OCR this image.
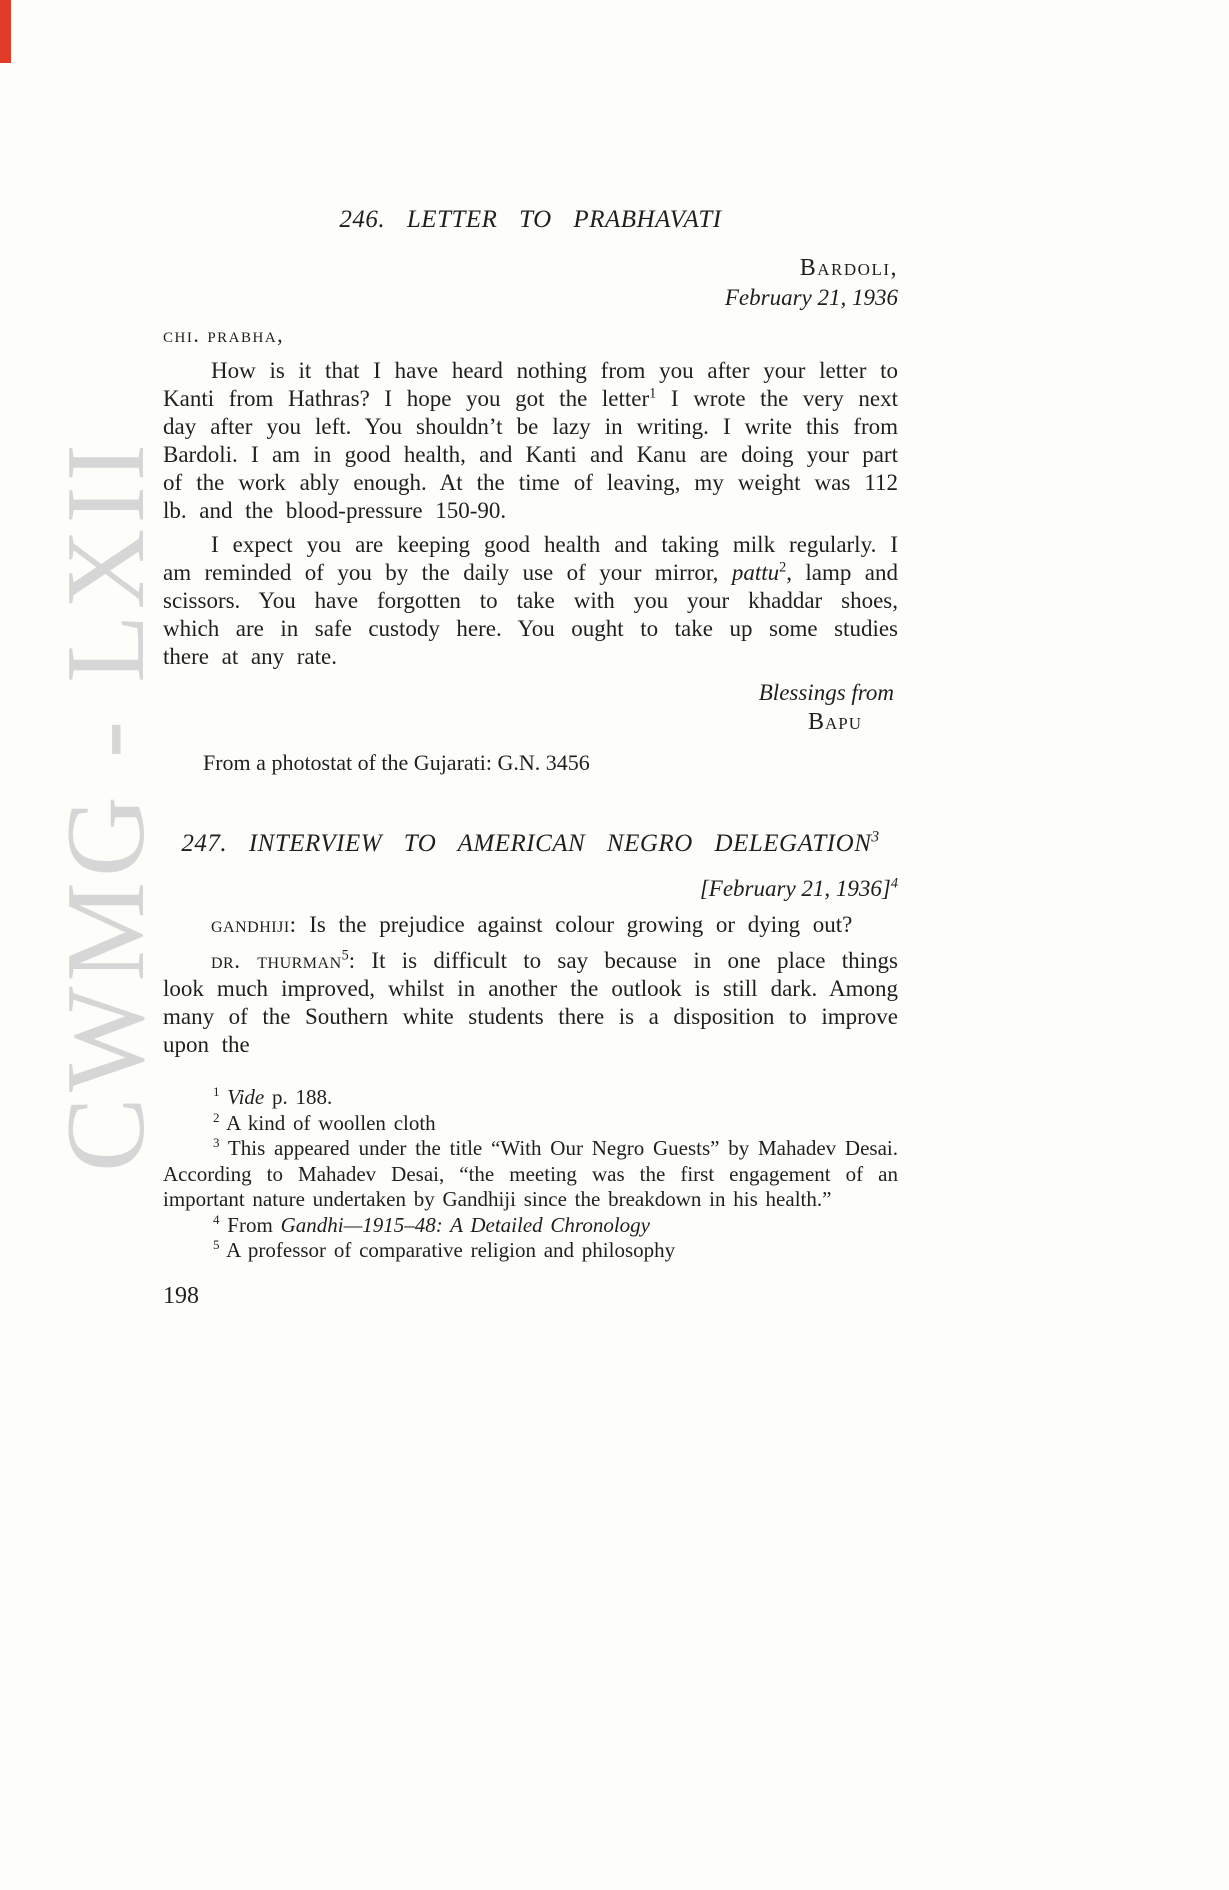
CWMG - LXII
246. LETTER TO PRABHAVATI
Bardoli,
February 21, 1936
chi. prabha,

How is it that I have heard nothing from you after your letter to Kanti from Hathras? I hope you got the letter$^1$ I wrote the very next day after you left. You shouldn’t be lazy in writing. I write this from Bardoli. I am in good health, and Kanti and Kanu are doing your part of the work ably enough. At the time of leaving, my weight was 112 lb. and the blood-pressure 150-90.

I expect you are keeping good health and taking milk regularly. I am reminded of you by the daily use of your mirror, pattu$^2$, lamp and scissors. You have forgotten to take with you your khaddar shoes, which are in safe custody here. You ought to take up some studies there at any rate.

Blessings from
Bapu
From a photostat of the Gujarati: G.N. 3456
247. INTERVIEW TO AMERICAN NEGRO DELEGATION$^3$
[February 21, 1936]$^4$

gandhiji: Is the prejudice against colour growing or dying out?

dr. thurman$^5$: It is difficult to say because in one place things look much improved, whilst in another the outlook is still dark. Among many of the Southern white students there is a disposition to improve upon the

$^1$ Vide p. 188.

$^2$ A kind of woollen cloth

$^3$ This appeared under the title “With Our Negro Guests” by Mahadev Desai. According to Mahadev Desai, “the meeting was the first engagement of an important nature undertaken by Gandhiji since the breakdown in his health.”

$^4$ From Gandhi—1915–48: A Detailed Chronology

$^5$ A professor of comparative religion and philosophy

198
